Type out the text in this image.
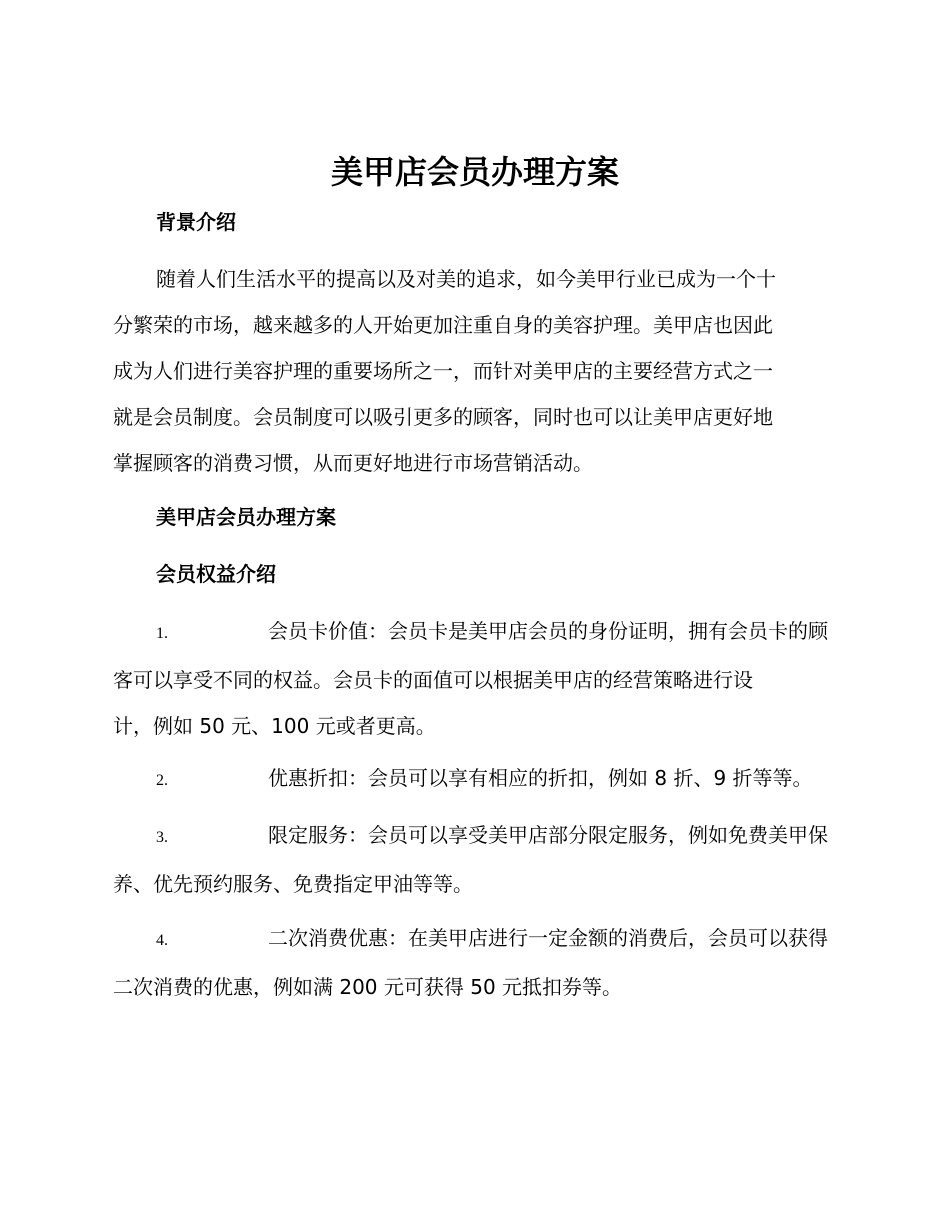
美甲店会员办理方案
背景介绍

随着人们生活水平的提高以及对美的追求，如今美甲行业已成为一个十
分繁荣的市场，越来越多的人开始更加注重自身的美容护理。美甲店也因此
成为人们进行美容护理的重要场所之一，而针对美甲店的主要经营方式之一
就是会员制度。会员制度可以吸引更多的顾客，同时也可以让美甲店更好地
掌握顾客的消费习惯，从而更好地进行市场营销活动。

美甲店会员办理方案
会员权益介绍

1.	会员卡价值：会员卡是美甲店会员的身份证明，拥有会员卡的顾
客可以享受不同的权益。会员卡的面值可以根据美甲店的经营策略进行设
计，例如 50 元、100 元或者更高。

2.	优惠折扣：会员可以享有相应的折扣，例如 8 折、9 折等等。

3.	限定服务：会员可以享受美甲店部分限定服务，例如免费美甲保
养、优先预约服务、免费指定甲油等等。

4.	二次消费优惠：在美甲店进行一定金额的消费后，会员可以获得
二次消费的优惠，例如满 200 元可获得 50 元抵扣券等。
